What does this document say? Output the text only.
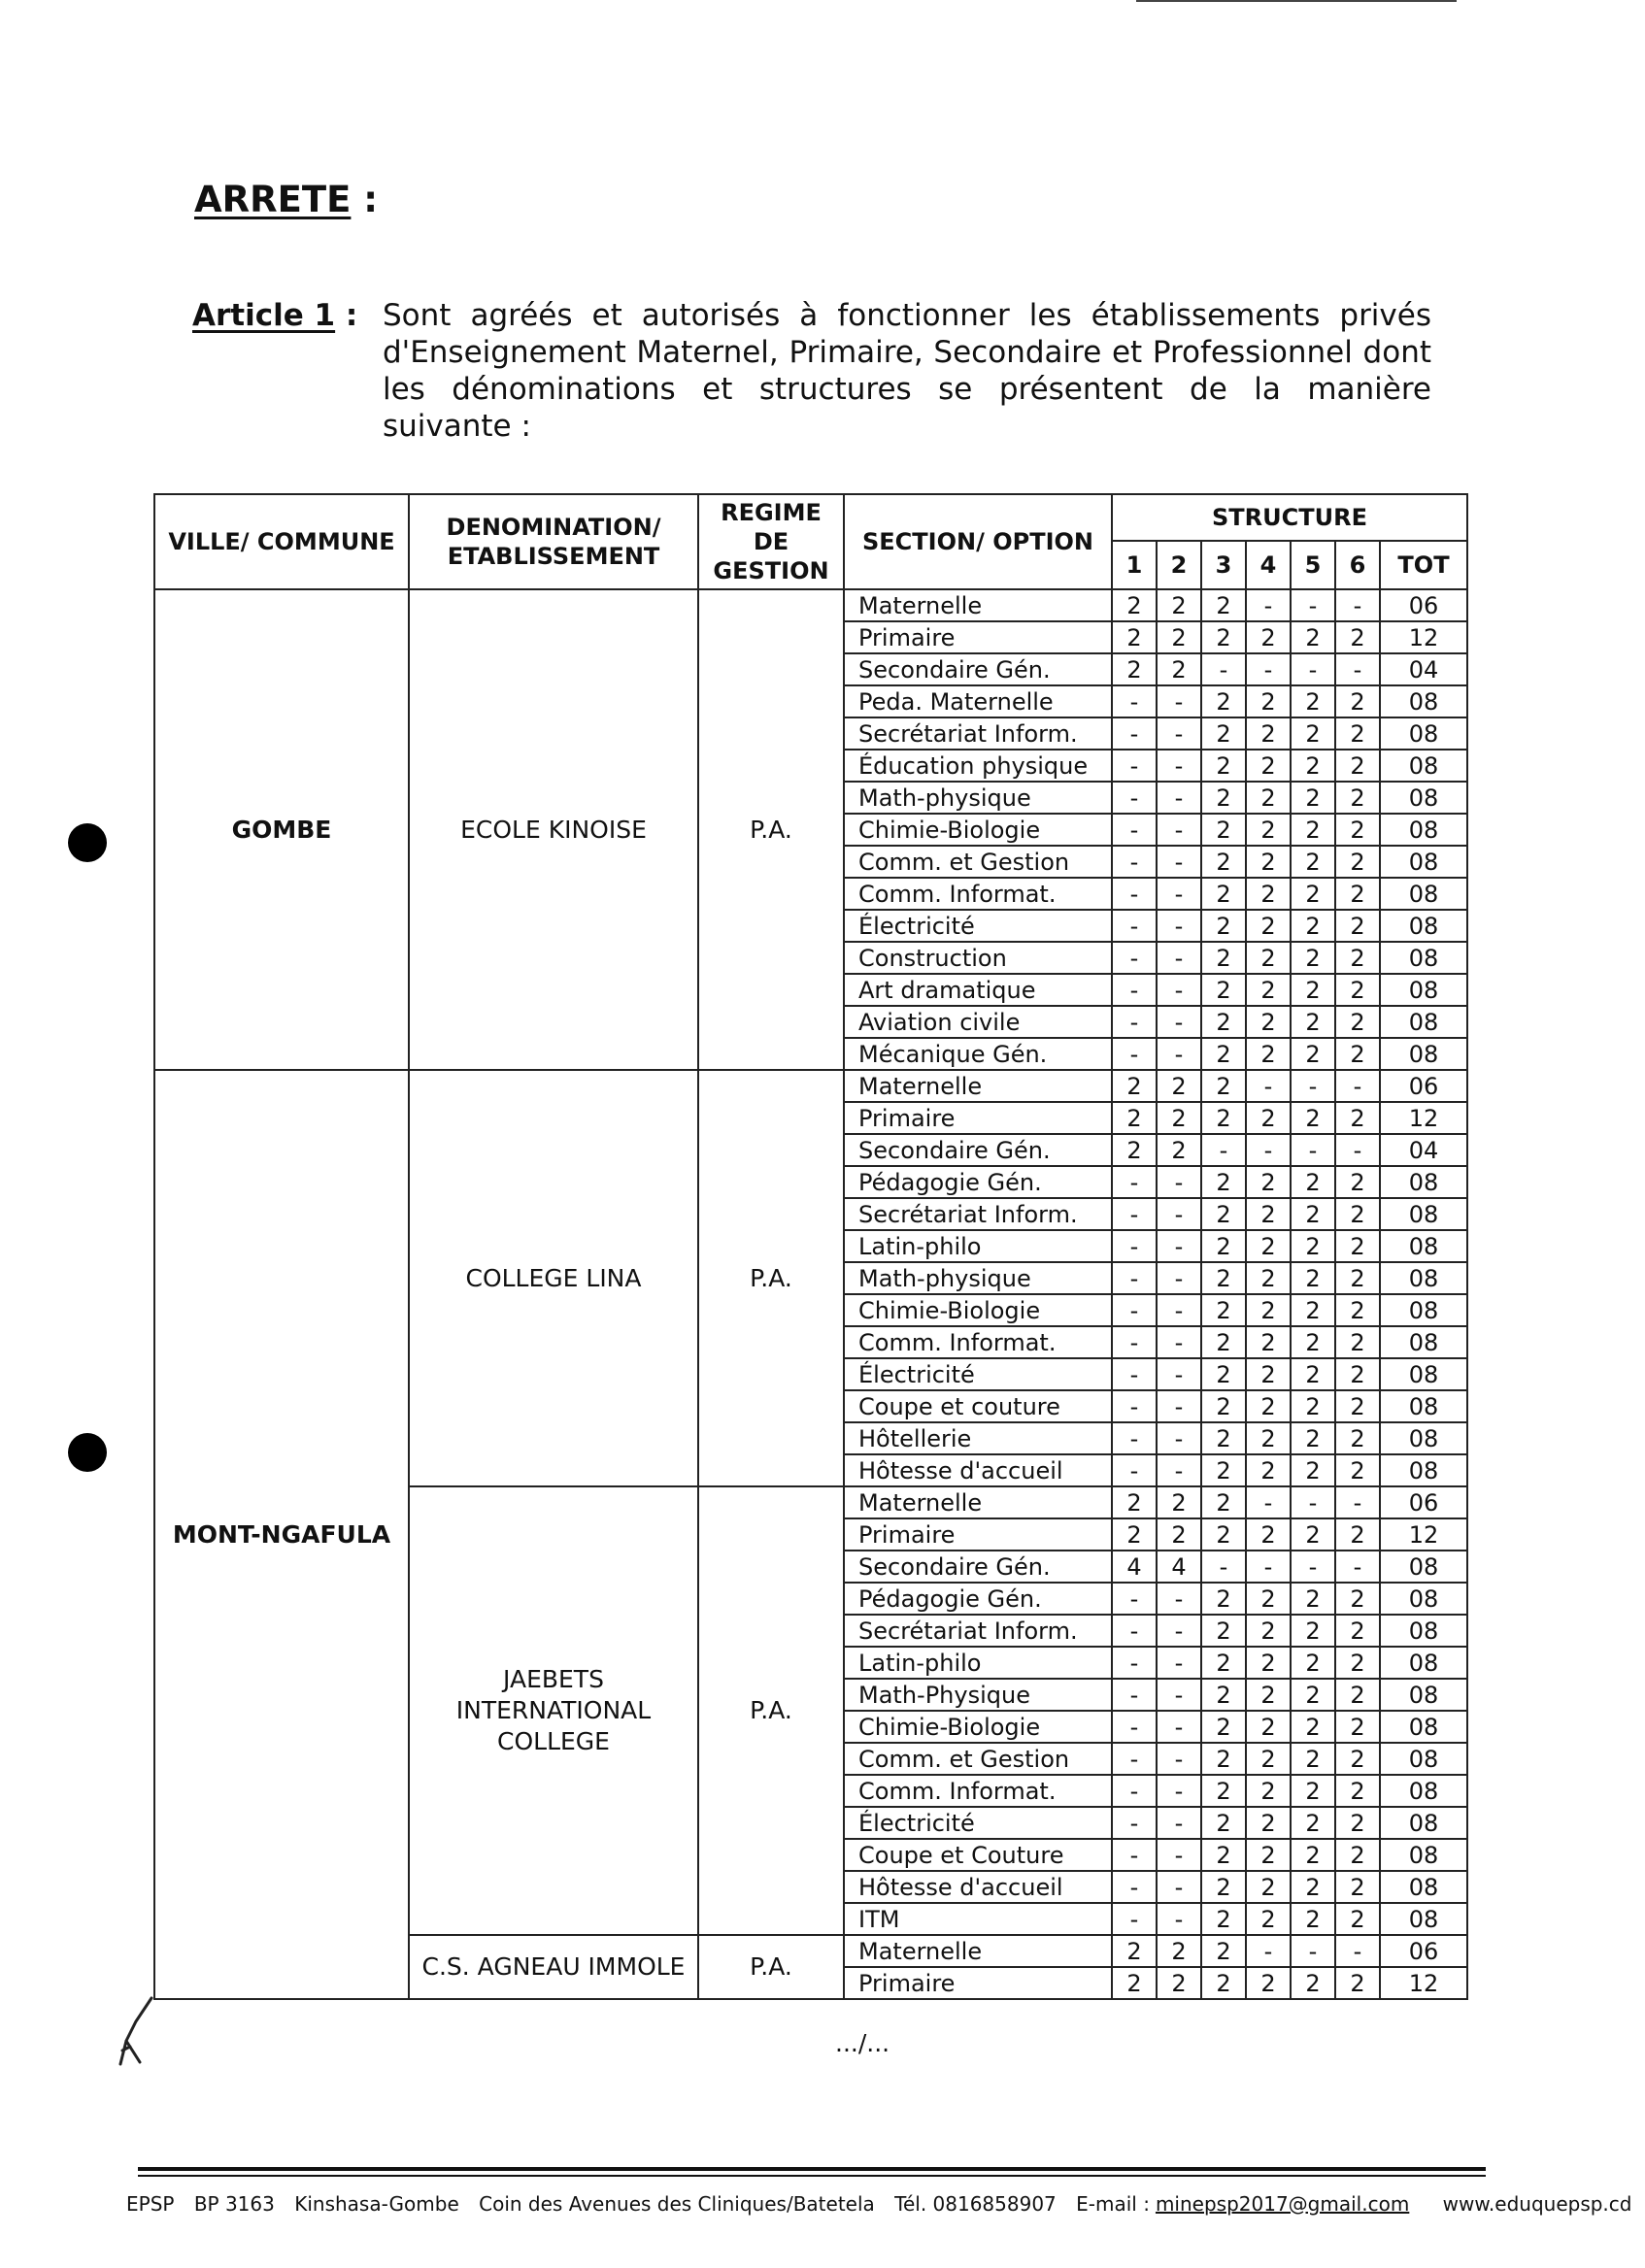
ARRETE :
Article 1 : Sont agréés et autorisés à fonctionner les établissements privés d'Enseignement Maternel, Primaire, Secondaire et Professionnel dont les dénominations et structures se présentent de la manière suivante :
VILLE/ COMMUNE	DENOMINATION/ ETABLISSEMENT	REGIME DE GESTION	SECTION/ OPTION	STRUCTURE						
				1	2	3	4	5	6	TOT
GOMBE	ECOLE KINOISE	P.A.	Maternelle	2	2	2	-	-	-	06
			Primaire	2	2	2	2	2	2	12
			Secondaire Gén.	2	2	-	-	-	-	04
			Peda. Maternelle	-	-	2	2	2	2	08
			Secrétariat Inform.	-	-	2	2	2	2	08
			Éducation physique	-	-	2	2	2	2	08
			Math-physique	-	-	2	2	2	2	08
			Chimie-Biologie	-	-	2	2	2	2	08
			Comm. et Gestion	-	-	2	2	2	2	08
			Comm. Informat.	-	-	2	2	2	2	08
			Électricité	-	-	2	2	2	2	08
			Construction	-	-	2	2	2	2	08
			Art dramatique	-	-	2	2	2	2	08
			Aviation civile	-	-	2	2	2	2	08
			Mécanique Gén.	-	-	2	2	2	2	08
MONT-NGAFULA	COLLEGE LINA	P.A.	Maternelle	2	2	2	-	-	-	06
			Primaire	2	2	2	2	2	2	12
			Secondaire Gén.	2	2	-	-	-	-	04
			Pédagogie Gén.	-	-	2	2	2	2	08
			Secrétariat Inform.	-	-	2	2	2	2	08
			Latin-philo	-	-	2	2	2	2	08
			Math-physique	-	-	2	2	2	2	08
			Chimie-Biologie	-	-	2	2	2	2	08
			Comm. Informat.	-	-	2	2	2	2	08
			Électricité	-	-	2	2	2	2	08
			Coupe et couture	-	-	2	2	2	2	08
			Hôtellerie	-	-	2	2	2	2	08
			Hôtesse d'accueil	-	-	2	2	2	2	08
	JAEBETS INTERNATIONAL COLLEGE	P.A.	Maternelle	2	2	2	-	-	-	06
			Primaire	2	2	2	2	2	2	12
			Secondaire Gén.	4	4	-	-	-	-	08
			Pédagogie Gén.	-	-	2	2	2	2	08
			Secrétariat Inform.	-	-	2	2	2	2	08
			Latin-philo	-	-	2	2	2	2	08
			Math-Physique	-	-	2	2	2	2	08
			Chimie-Biologie	-	-	2	2	2	2	08
			Comm. et Gestion	-	-	2	2	2	2	08
			Comm. Informat.	-	-	2	2	2	2	08
			Électricité	-	-	2	2	2	2	08
			Coupe et Couture	-	-	2	2	2	2	08
			Hôtesse d'accueil	-	-	2	2	2	2	08
			ITM	-	-	2	2	2	2	08
	C.S. AGNEAU IMMOLE	P.A.	Maternelle	2	2	2	-	-	-	06
			Primaire	2	2	2	2	2	2	12
.../...
EPSP BP 3163 Kinshasa-Gombe Coin des Avenues des Cliniques/Batetela Tél. 0816858907 E-mail : minepsp2017@gmail.com www.eduquepsp.cd
